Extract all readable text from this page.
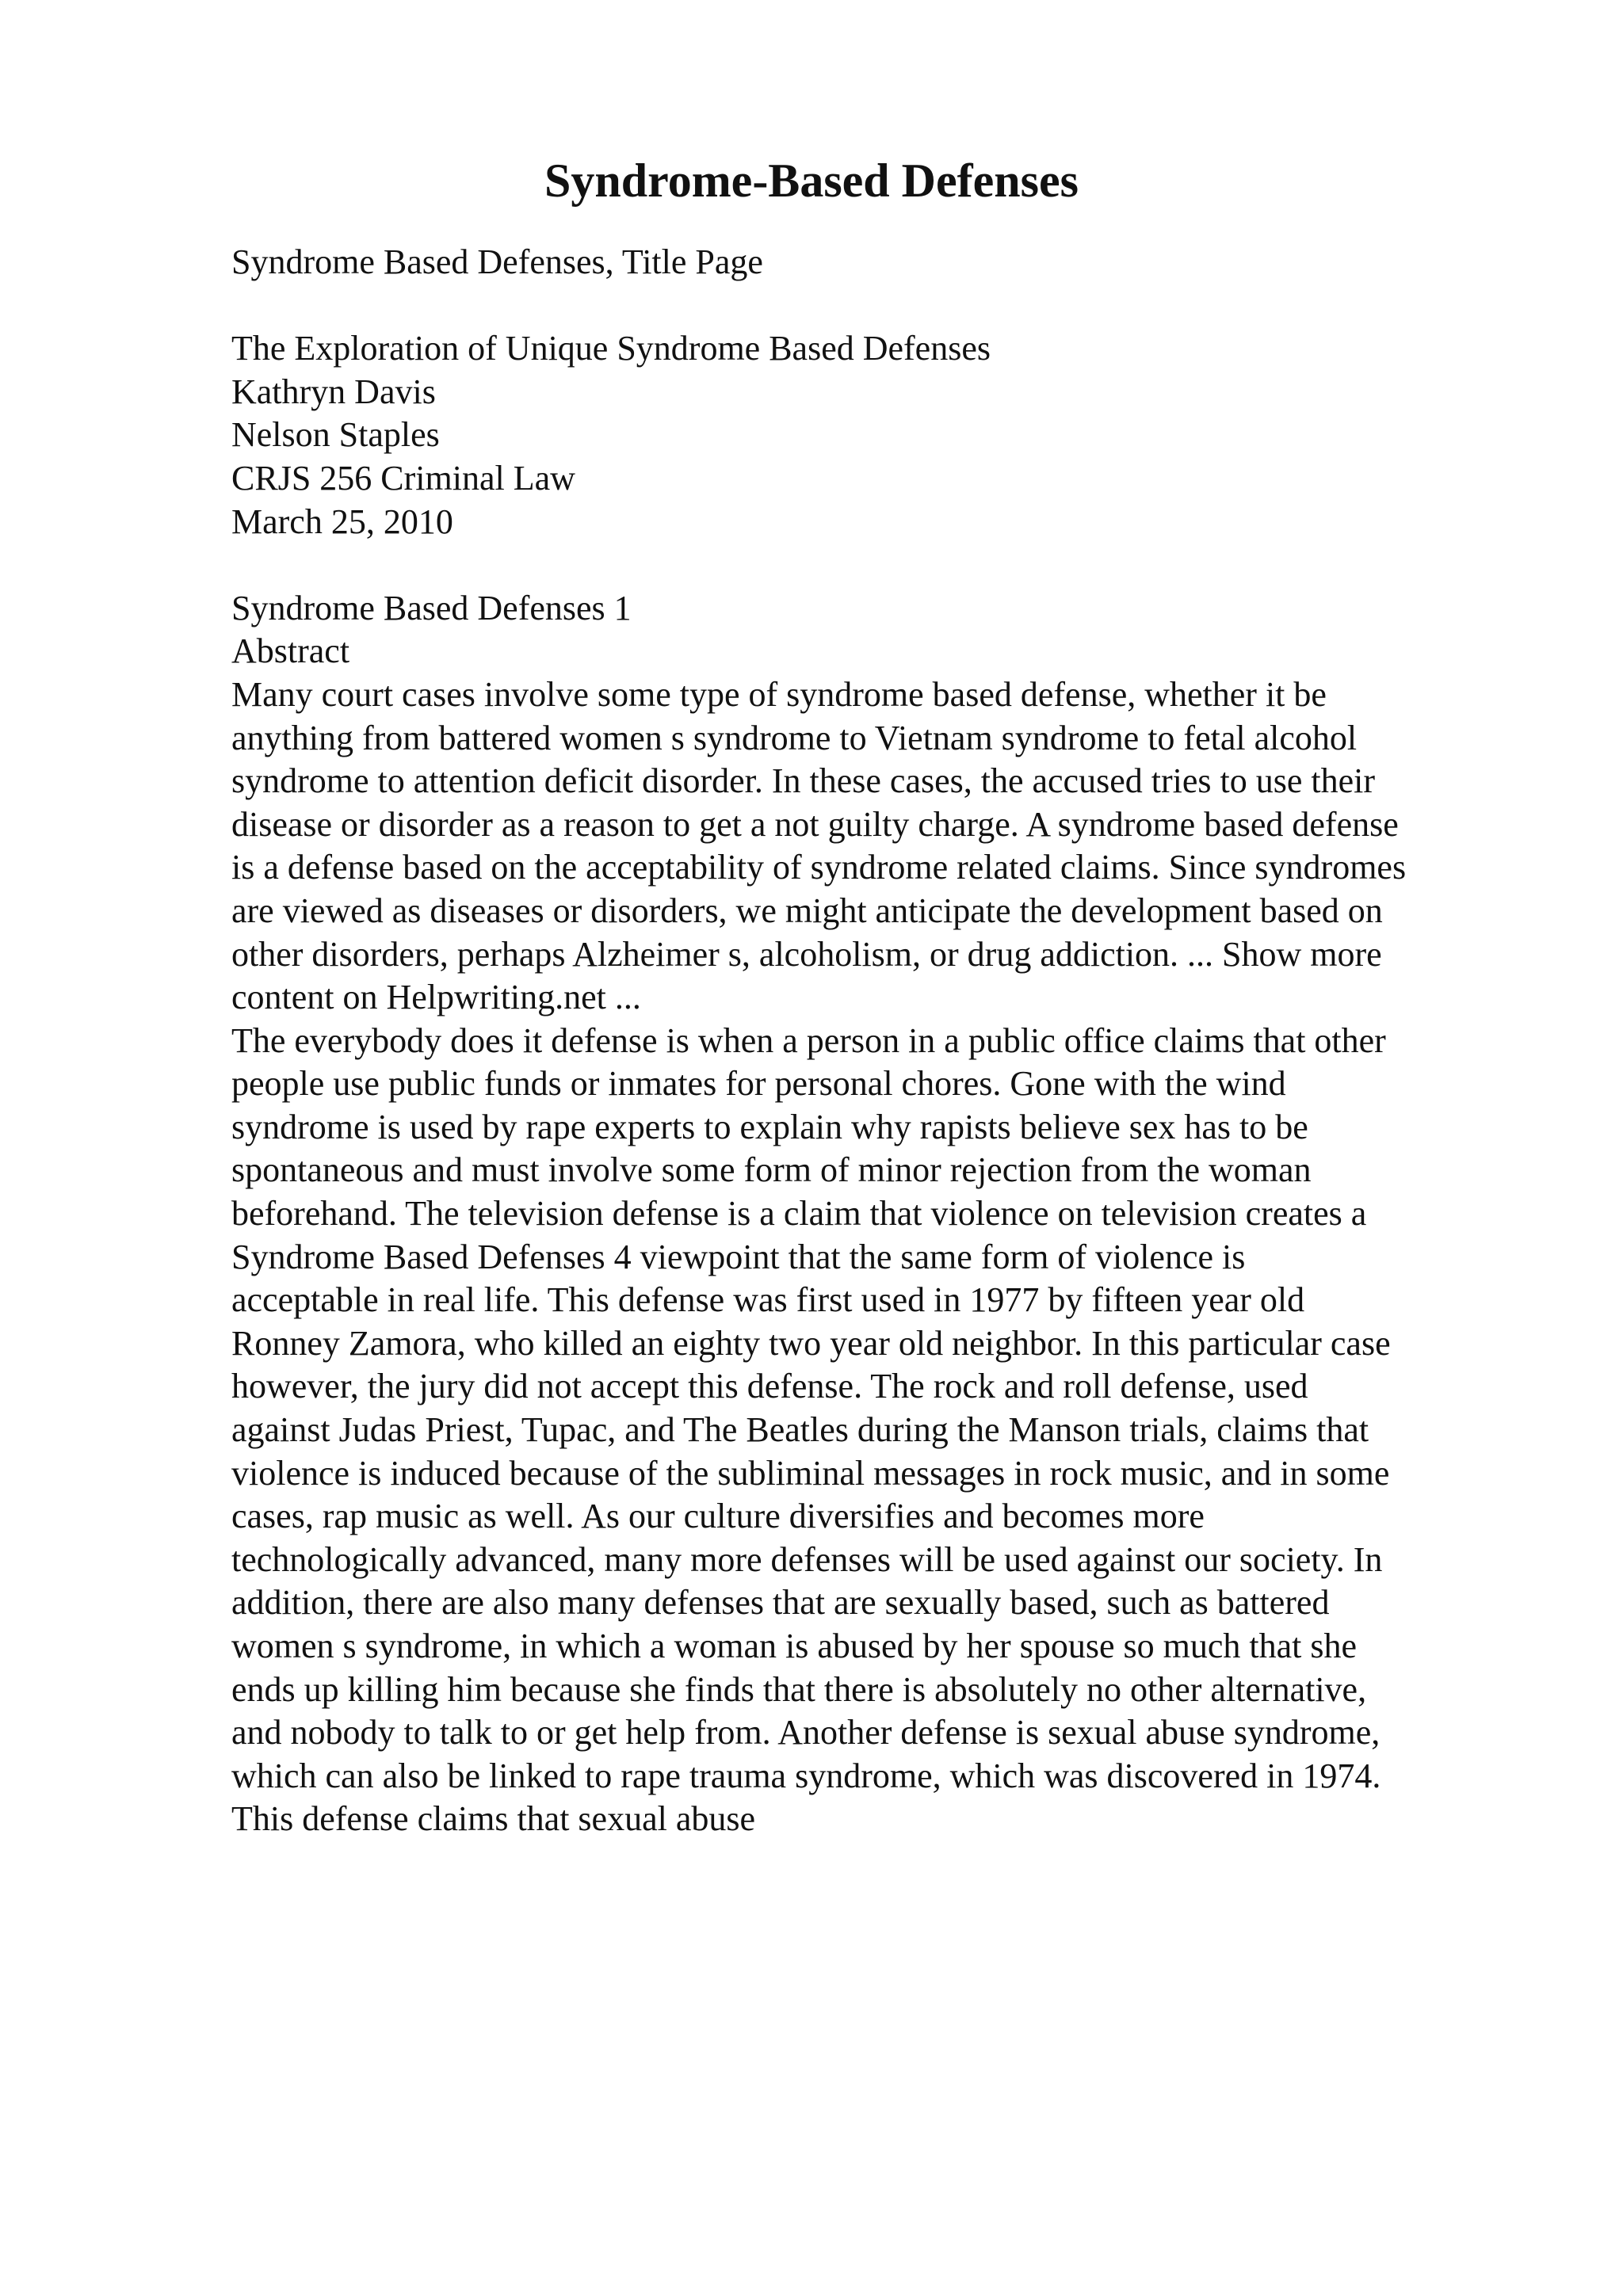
Syndrome-Based Defenses

Syndrome Based Defenses, Title Page

The Exploration of Unique Syndrome Based Defenses
Kathryn Davis
Nelson Staples
CRJS 256 Criminal Law
March 25, 2010

Syndrome Based Defenses 1

Abstract

Many court cases involve some type of syndrome based defense, whether it be
anything from battered women s syndrome to Vietnam syndrome to fetal alcohol
syndrome to attention deficit disorder. In these cases, the accused tries to use their
disease or disorder as a reason to get a not guilty charge. A syndrome based defense
is a defense based on the acceptability of syndrome related claims. Since syndromes
are viewed as diseases or disorders, we might anticipate the development based on
other disorders, perhaps Alzheimer s, alcoholism, or drug addiction. ... Show more
content on Helpwriting.net ...

The everybody does it defense is when a person in a public office claims that other
people use public funds or inmates for personal chores. Gone with the wind
syndrome is used by rape experts to explain why rapists believe sex has to be
spontaneous and must involve some form of minor rejection from the woman
beforehand. The television defense is a claim that violence on television creates a
Syndrome Based Defenses 4 viewpoint that the same form of violence is
acceptable in real life. This defense was first used in 1977 by fifteen year old
Ronney Zamora, who killed an eighty two year old neighbor. In this particular case
however, the jury did not accept this defense. The rock and roll defense, used
against Judas Priest, Tupac, and The Beatles during the Manson trials, claims that
violence is induced because of the subliminal messages in rock music, and in some
cases, rap music as well. As our culture diversifies and becomes more
technologically advanced, many more defenses will be used against our society. In
addition, there are also many defenses that are sexually based, such as battered
women s syndrome, in which a woman is abused by her spouse so much that she
ends up killing him because she finds that there is absolutely no other alternative,
and nobody to talk to or get help from. Another defense is sexual abuse syndrome,
which can also be linked to rape trauma syndrome, which was discovered in 1974.
This defense claims that sexual abuse
